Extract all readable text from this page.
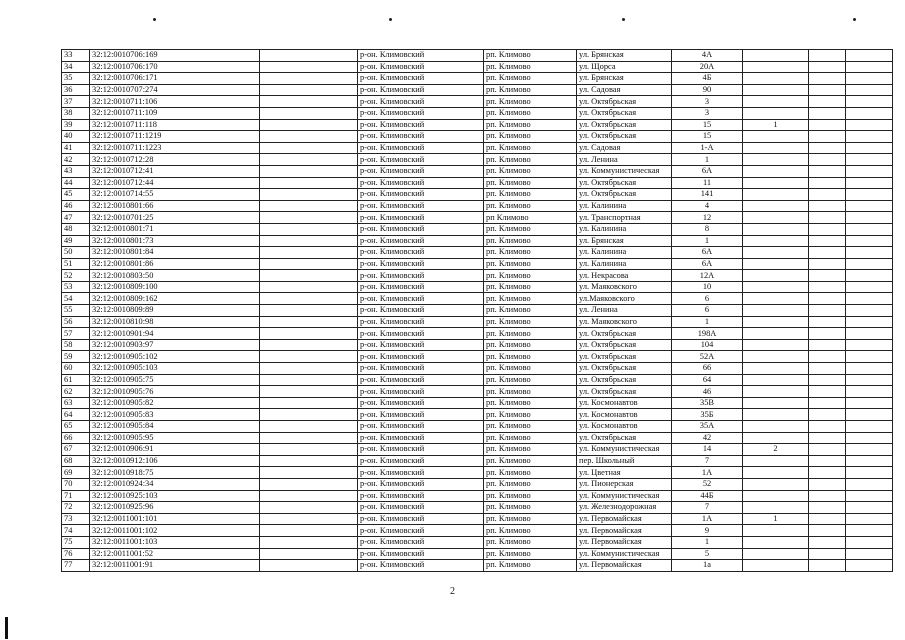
33	32:12:0010706:169		р-он. Климовский	рп. Климово	ул. Брянская	4А			
34	32:12:0010706:170		р-он. Климовский	рп. Климово	ул. Щорса	20А			
35	32:12:0010706:171		р-он. Климовский	рп. Климово	ул. Брянская	4Б			
36	32:12:0010707:274		р-он. Климовский	рп. Климово	ул. Садовая	90			
37	32:12:0010711:106		р-он. Климовский	рп. Климово	ул. Октябрьская	3			
38	32:12:0010711:109		р-он. Климовский	рп. Климово	ул. Октябрьская	3			
39	32:12:0010711:118		р-он. Климовский	рп. Климово	ул. Октябрьская	15	1		
40	32:12:0010711:1219		р-он. Климовский	рп. Климово	ул. Октябрьская	15			
41	32:12:0010711:1223		р-он. Климовский	рп. Климово	ул. Садовая	1-А			
42	32:12:0010712:28		р-он. Климовский	рп. Климово	ул. Ленина	1			
43	32:12:0010712:41		р-он. Климовский	рп. Климово	ул. Коммунистическая	6А			
44	32:12:0010712:44		р-он. Климовский	рп. Климово	ул. Октябрьская	11			
45	32:12:0010714:55		р-он. Климовский	рп. Климово	ул. Октябрьская	141			
46	32:12:0010801:66		р-он. Климовский	рп. Климово	ул. Калинина	4			
47	32:12:0010701:25		р-он. Климовский	рп Климово	ул. Транспортная	12			
48	32:12:0010801:71		р-он. Климовский	рп. Климово	ул. Калинина	8			
49	32:12:0010801:73		р-он. Климовский	рп. Климово	ул. Брянская	1			
50	32:12:0010801:84		р-он. Климовский	рп. Климово	ул. Калинина	6А			
51	32:12:0010801:86		р-он. Климовский	рп. Климово	ул. Калинина	6А			
52	32:12:0010803:50		р-он. Климовский	рп. Климово	ул. Некрасова	12А			
53	32:12:0010809:100		р-он. Климовский	рп. Климово	ул. Маяковского	10			
54	32:12:0010809:162		р-он. Климовский	рп. Климово	ул.Маяковского	6			
55	32:12:0010809:89		р-он. Климовский	рп. Климово	ул. Ленина	6			
56	32:12:0010810:98		р-он. Климовский	рп. Климово	ул. Маяковского	1			
57	32:12:0010901:94		р-он. Климовский	рп. Климово	ул. Октябрьская	198А			
58	32:12:0010903:97		р-он. Климовский	рп. Климово	ул. Октябрьская	104			
59	32:12:0010905:102		р-он. Климовский	рп. Климово	ул. Октябрьская	52А			
60	32:12:0010905:103		р-он. Климовский	рп. Климово	ул. Октябрьская	66			
61	32:12:0010905:75		р-он. Климовский	рп. Климово	ул. Октябрьская	64			
62	32:12:0010905:76		р-он. Климовский	рп. Климово	ул. Октябрьская	46			
63	32:12:0010905:82		р-он. Климовский	рп. Климово	ул. Космонавтов	35В			
64	32:12:0010905:83		р-он. Климовский	рп. Климово	ул. Космонавтов	35Б			
65	32:12:0010905:84		р-он. Климовский	рп. Климово	ул. Космонавтов	35А			
66	32:12:0010905:95		р-он. Климовский	рп. Климово	ул. Октябрьская	42			
67	32:12:0010906:91		р-он. Климовский	рп. Климово	ул. Коммунистическая	14	2		
68	32:12:0010912:106		р-он. Климовский	рп. Климово	пер. Школьный	7			
69	32:12:0010918:75		р-он. Климовский	рп. Климово	ул. Цветная	1А			
70	32:12:0010924:34		р-он. Климовский	рп. Климово	ул. Пионерская	52			
71	32:12:0010925:103		р-он. Климовский	рп. Климово	ул. Коммунистическая	44Б			
72	32:12:0010925:96		р-он. Климовский	рп. Климово	ул. Железнодорожная	7			
73	32:12:0011001:101		р-он. Климовский	рп. Климово	ул. Первомайская	1А	1		
74	32:12:0011001:102		р-он. Климовский	рп. Климово	ул. Первомайская	9			
75	32:12:0011001:103		р-он. Климовский	рп. Климово	ул. Первомайская	1			
76	32:12:0011001:52		р-он. Климовский	рп. Климово	ул. Коммунистическая	5			
77	32:12:0011001:91		р-он. Климовский	рп. Климово	ул. Первомайская	1а			
2
